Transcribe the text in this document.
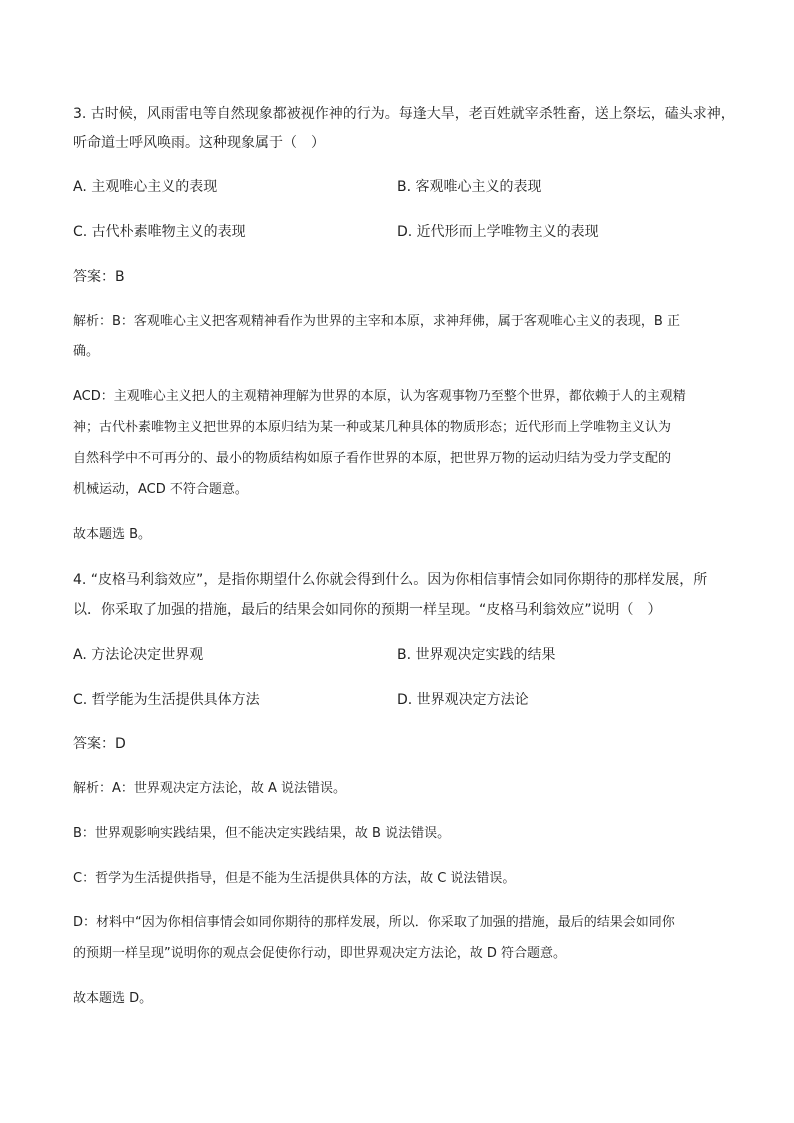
3. 古时候，风雨雷电等自然现象都被视作神的行为。每逢大旱，老百姓就宰杀牲畜，送上祭坛，磕头求神，
听命道士呼风唤雨。这种现象属于（　）
A. 主观唯心主义的表现	B. 客观唯心主义的表现
C. 古代朴素唯物主义的表现	D. 近代形而上学唯物主义的表现
答案：B
解析：B：客观唯心主义把客观精神看作为世界的主宰和本原，求神拜佛，属于客观唯心主义的表现，B 正
确。
ACD：主观唯心主义把人的主观精神理解为世界的本原，认为客观事物乃至整个世界，都依赖于人的主观精
神；古代朴素唯物主义把世界的本原归结为某一种或某几种具体的物质形态；近代形而上学唯物主义认为
自然科学中不可再分的、最小的物质结构如原子看作世界的本原，把世界万物的运动归结为受力学支配的
机械运动，ACD 不符合题意。
故本题选 B。
4. “皮格马利翁效应”，是指你期望什么你就会得到什么。因为你相信事情会如同你期待的那样发展，所
以．你采取了加强的措施，最后的结果会如同你的预期一样呈现。“皮格马利翁效应”说明（　）
A. 方法论决定世界观	B. 世界观决定实践的结果
C. 哲学能为生活提供具体方法	D. 世界观决定方法论
答案：D
解析：A：世界观决定方法论，故 A 说法错误。
B：世界观影响实践结果，但不能决定实践结果，故 B 说法错误。
C：哲学为生活提供指导，但是不能为生活提供具体的方法，故 C 说法错误。
D：材料中“因为你相信事情会如同你期待的那样发展，所以．你采取了加强的措施，最后的结果会如同你
的预期一样呈现”说明你的观点会促使你行动，即世界观决定方法论，故 D 符合题意。
故本题选 D。
